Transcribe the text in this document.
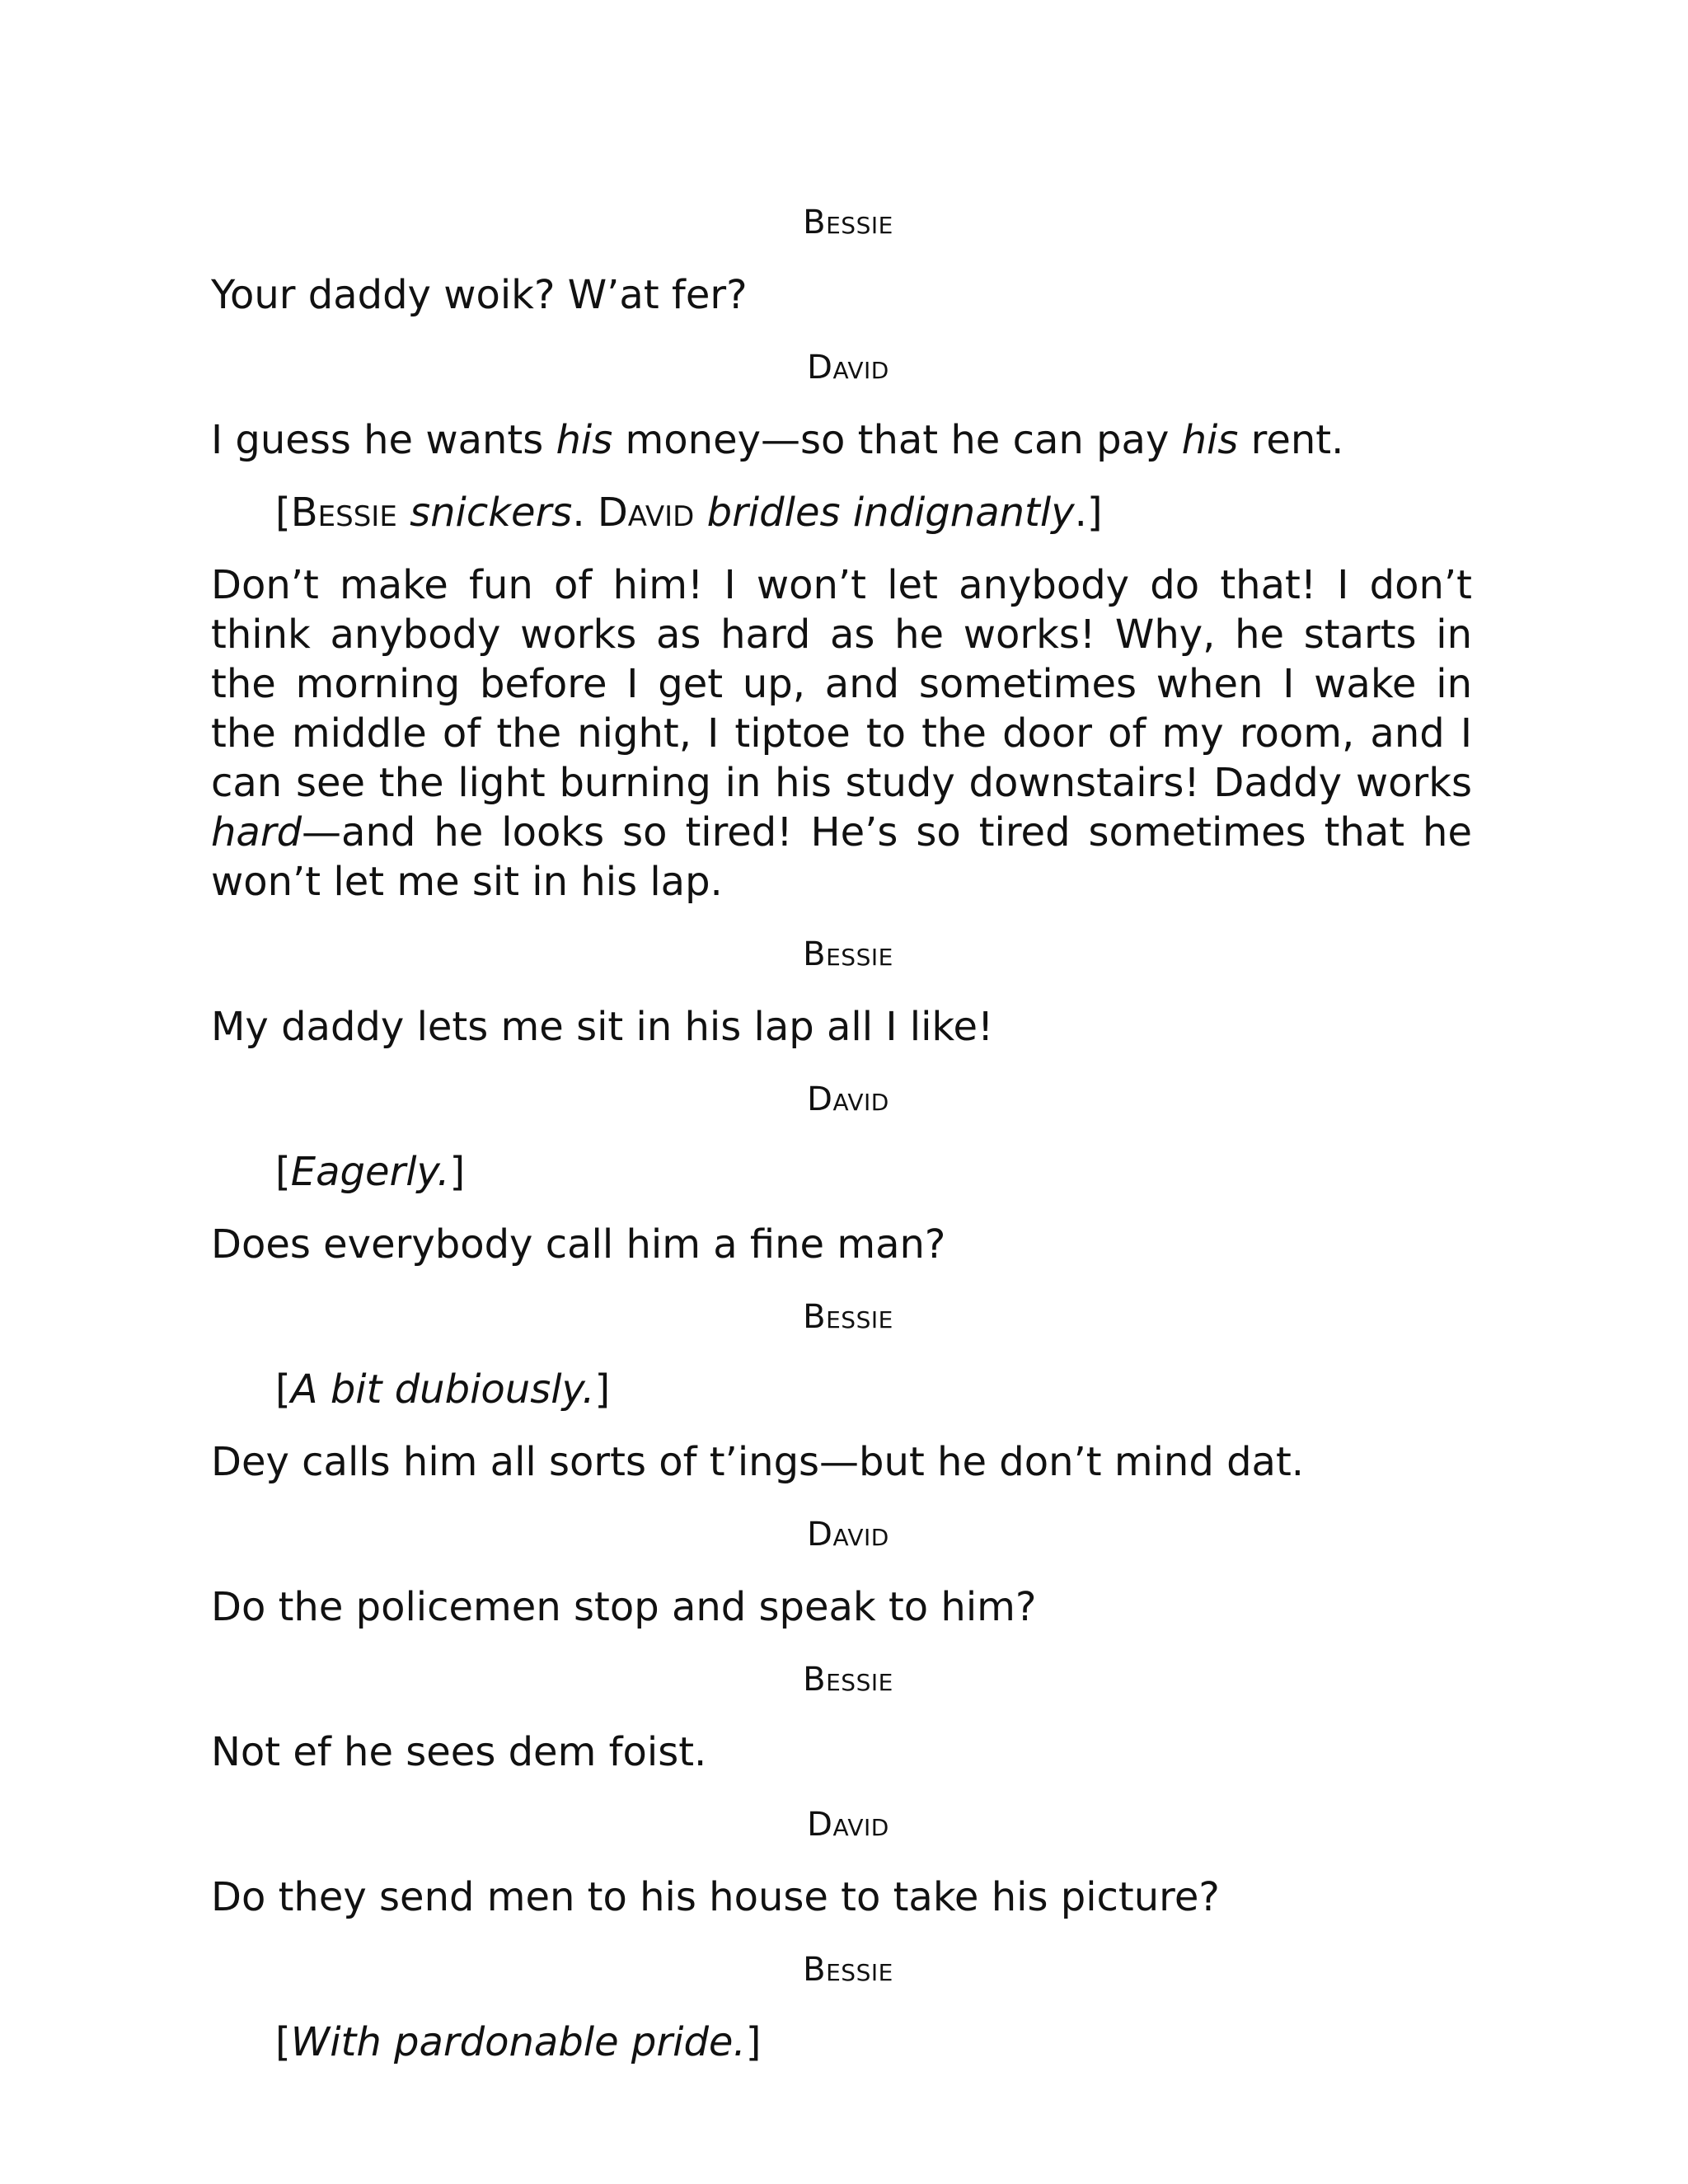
Bessie
Your daddy woik? W’at fer?
David
I guess he wants his money—so that he can pay his rent.
[Bessie snickers. David bridles indignantly.]
Don’t make fun of him! I won’t let anybody do that! I don’t think anybody works as hard as he works! Why, he starts in the morning before I get up, and sometimes when I wake in the middle of the night, I tiptoe to the door of my room, and I can see the light burning in his study downstairs! Daddy works hard—and he looks so tired! He’s so tired sometimes that he won’t let me sit in his lap.
Bessie
My daddy lets me sit in his lap all I like!
David
[Eagerly.]
Does everybody call him a fine man?
Bessie
[A bit dubiously.]
Dey calls him all sorts of t’ings—but he don’t mind dat.
David
Do the policemen stop and speak to him?
Bessie
Not ef he sees dem foist.
David
Do they send men to his house to take his picture?
Bessie
[With pardonable pride.]
